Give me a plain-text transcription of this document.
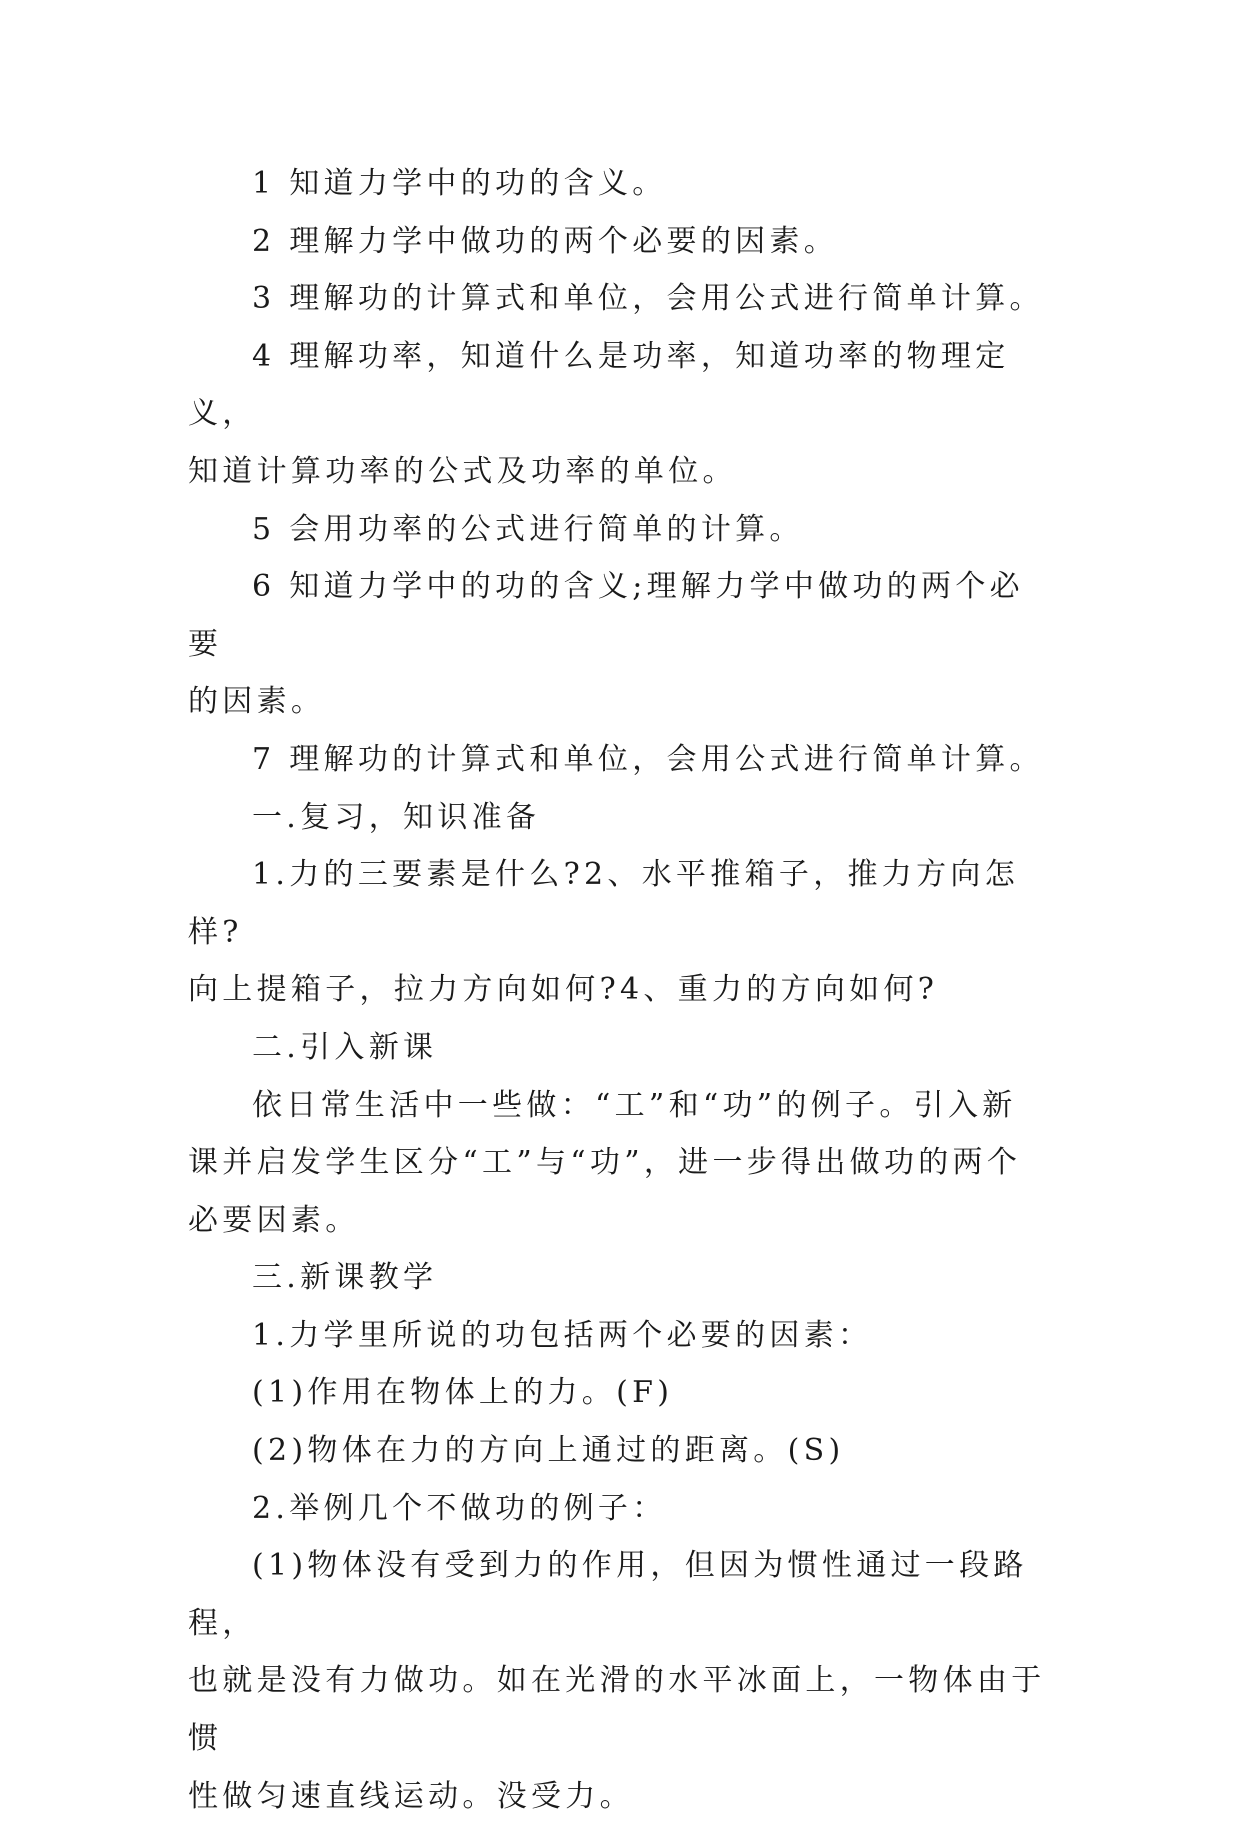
1 知道力学中的功的含义。

2 理解力学中做功的两个必要的因素。

3 理解功的计算式和单位，会用公式进行简单计算。

4 理解功率，知道什么是功率，知道功率的物理定义，
知道计算功率的公式及功率的单位。

5 会用功率的公式进行简单的计算。

6 知道力学中的功的含义;理解力学中做功的两个必要
的因素。

7 理解功的计算式和单位，会用公式进行简单计算。

一.复习，知识准备

1.力的三要素是什么?2、水平推箱子，推力方向怎样?
向上提箱子，拉力方向如何?4、重力的方向如何?

二.引入新课

依日常生活中一些做：“工”和“功”的例子。引入新
课并启发学生区分“工”与“功”，进一步得出做功的两个
必要因素。

三.新课教学

1.力学里所说的功包括两个必要的因素：

(1)作用在物体上的力。(F)

(2)物体在力的方向上通过的距离。(S)

2.举例几个不做功的例子：

(1)物体没有受到力的作用，但因为惯性通过一段路程，
也就是没有力做功。如在光滑的水平冰面上，一物体由于惯
性做匀速直线运动。没受力。
